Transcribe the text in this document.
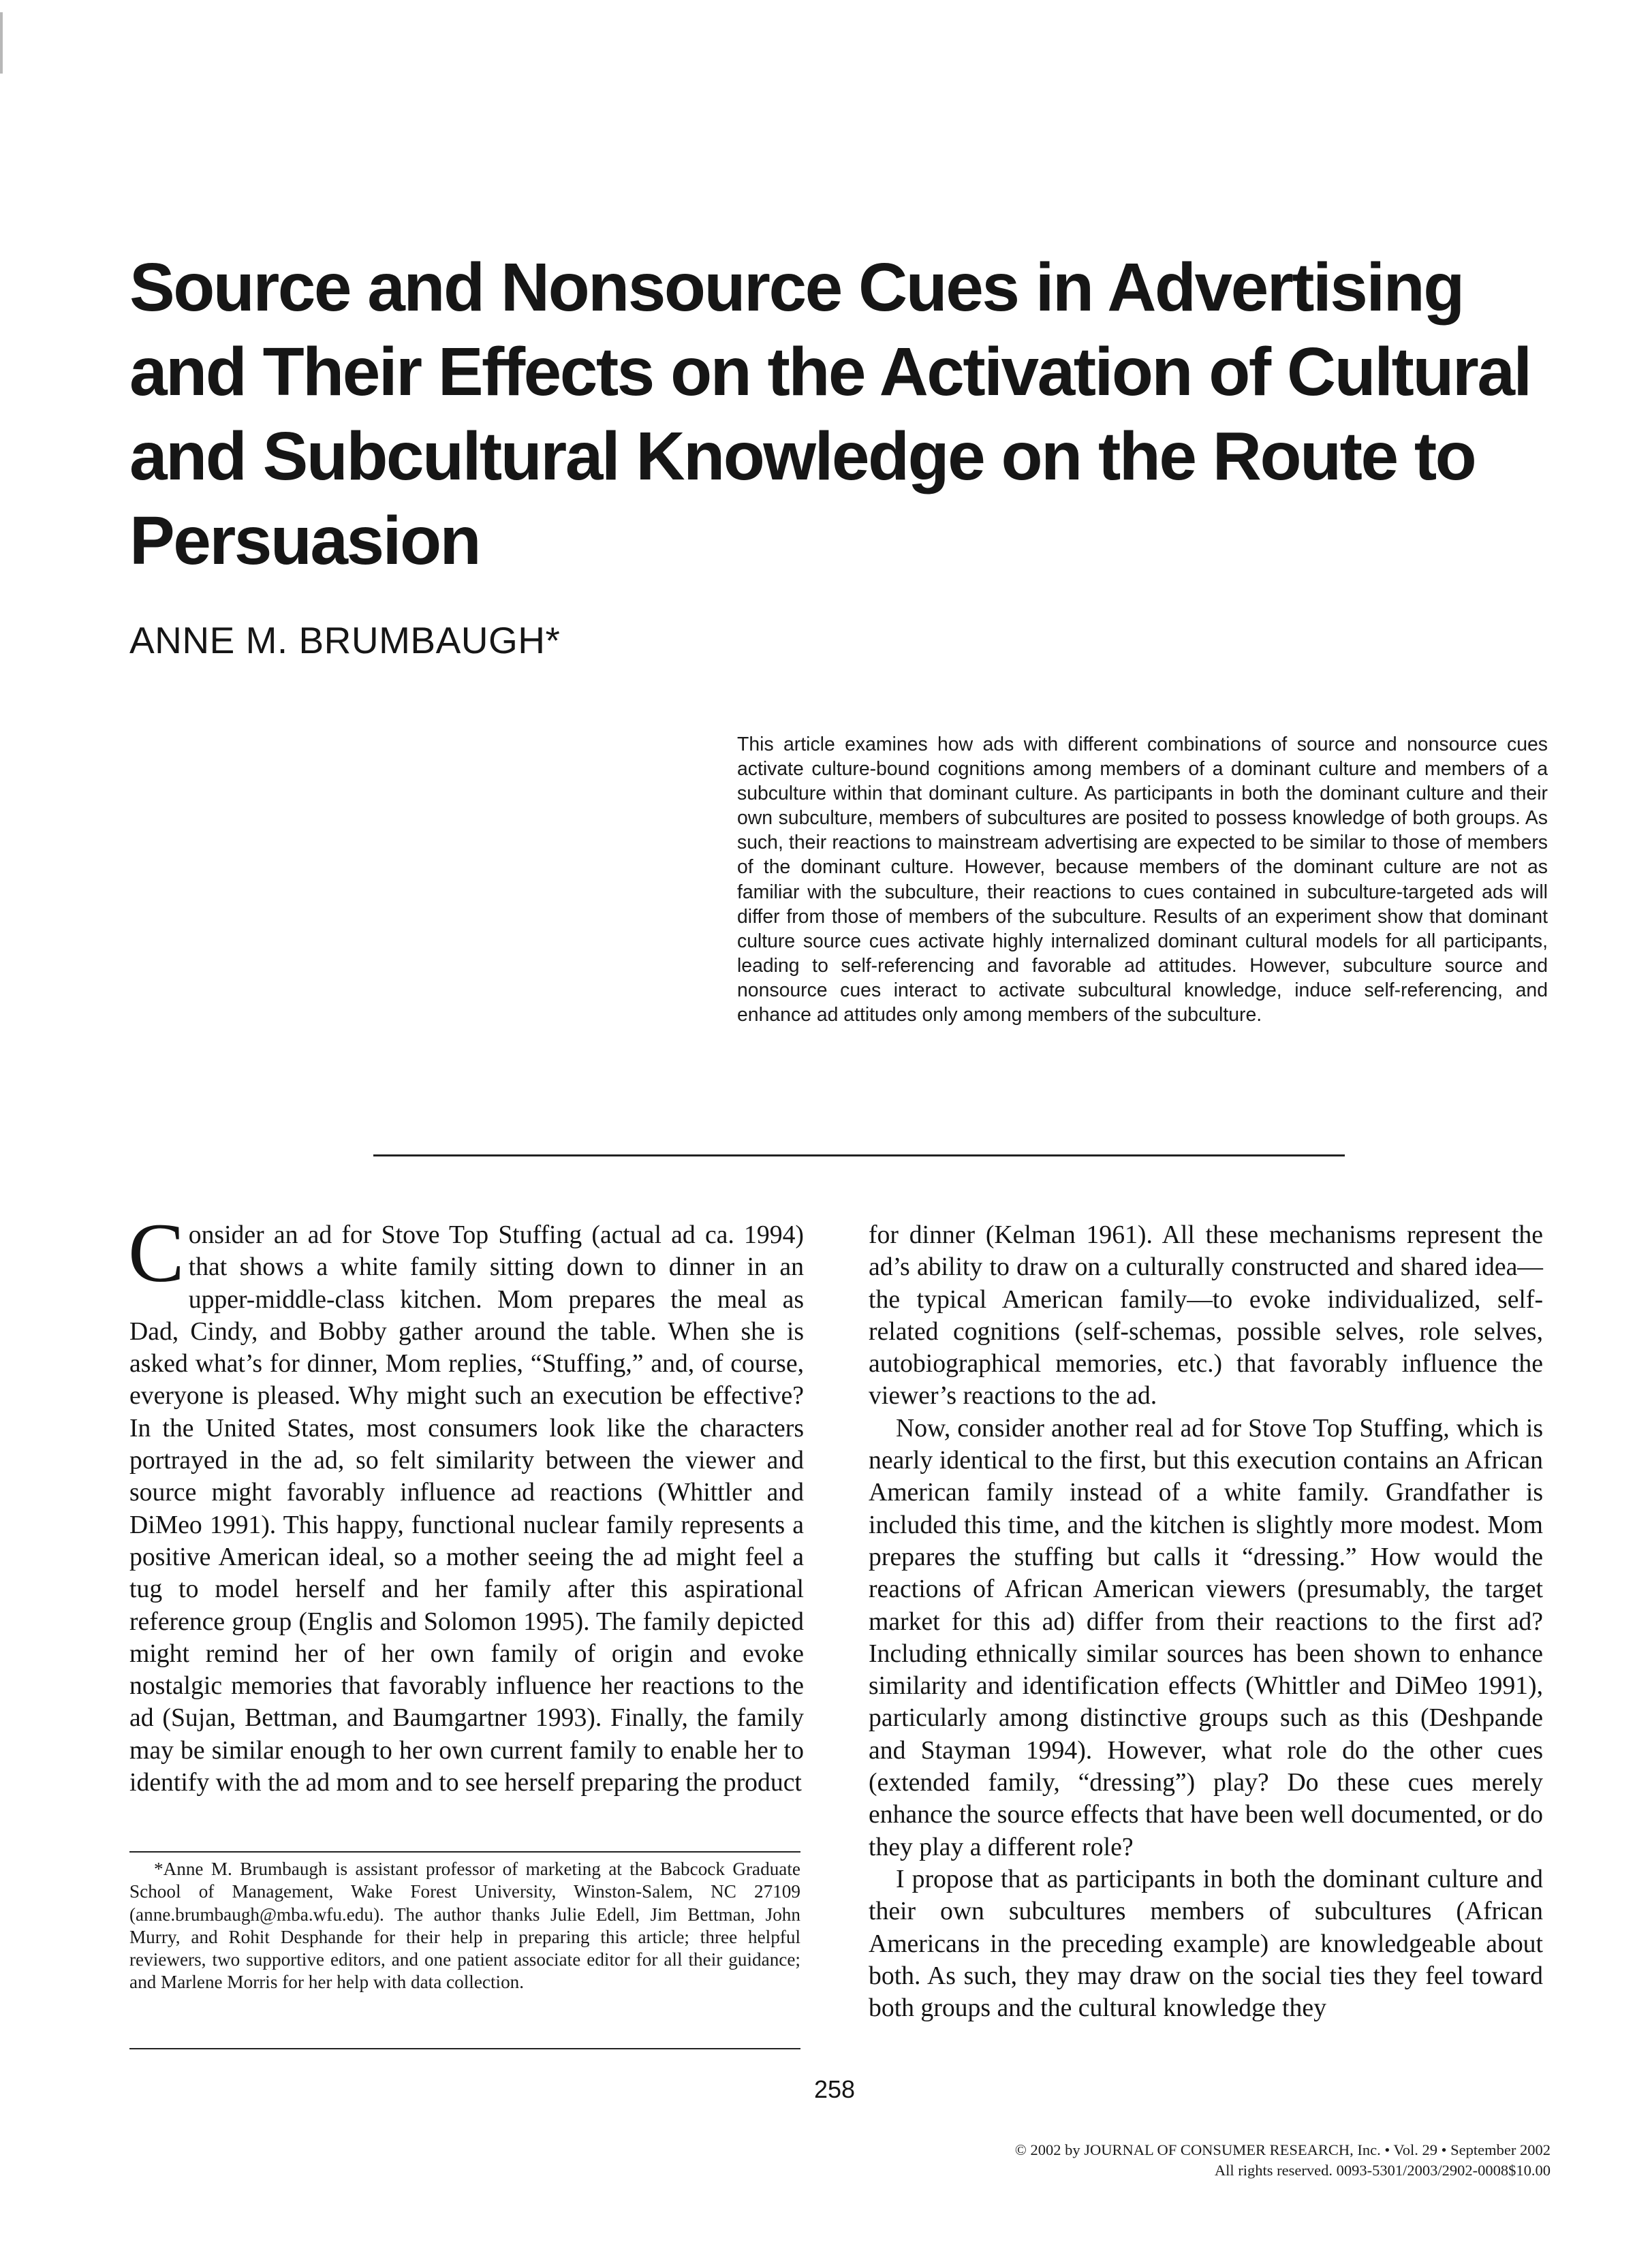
Source and Nonsource Cues in Advertising and Their Effects on the Activation of Cultural and Subcultural Knowledge on the Route to Persuasion
ANNE M. BRUMBAUGH*

This article examines how ads with different combinations of source and nonsource cues activate culture-bound cognitions among members of a dominant culture and members of a subculture within that dominant culture. As participants in both the dominant culture and their own subculture, members of subcultures are posited to possess knowledge of both groups. As such, their reactions to mainstream advertising are expected to be similar to those of members of the dominant culture. However, because members of the dominant culture are not as familiar with the subculture, their reactions to cues contained in subculture-targeted ads will differ from those of members of the subculture. Results of an experiment show that dominant culture source cues activate highly internalized dominant cultural models for all participants, leading to self-referencing and favorable ad attitudes. However, subculture source and nonsource cues interact to activate subcultural knowledge, induce self-referencing, and enhance ad attitudes only among members of the subculture.

Consider an ad for Stove Top Stuffing (actual ad ca. 1994) that shows a white family sitting down to dinner in an upper-middle-class kitchen. Mom prepares the meal as Dad, Cindy, and Bobby gather around the table. When she is asked what’s for dinner, Mom replies, “Stuffing,” and, of course, everyone is pleased. Why might such an execution be effective? In the United States, most consumers look like the characters portrayed in the ad, so felt similarity between the viewer and source might favorably influence ad reactions (Whittler and DiMeo 1991). This happy, functional nuclear family represents a positive American ideal, so a mother seeing the ad might feel a tug to model herself and her family after this aspirational reference group (Englis and Solomon 1995). The family depicted might remind her of her own family of origin and evoke nostalgic memories that favorably influence her reactions to the ad (Sujan, Bettman, and Baumgartner 1993). Finally, the family may be similar enough to her own current family to enable her to identify with the ad mom and to see herself preparing the product

for dinner (Kelman 1961). All these mechanisms represent the ad’s ability to draw on a culturally constructed and shared idea—the typical American family—to evoke individualized, self-related cognitions (self-schemas, possible selves, role selves, autobiographical memories, etc.) that favorably influence the viewer’s reactions to the ad.

Now, consider another real ad for Stove Top Stuffing, which is nearly identical to the first, but this execution contains an African American family instead of a white family. Grandfather is included this time, and the kitchen is slightly more modest. Mom prepares the stuffing but calls it “dressing.” How would the reactions of African American viewers (presumably, the target market for this ad) differ from their reactions to the first ad? Including ethnically similar sources has been shown to enhance similarity and identification effects (Whittler and DiMeo 1991), particularly among distinctive groups such as this (Deshpande and Stayman 1994). However, what role do the other cues (extended family, “dressing”) play? Do these cues merely enhance the source effects that have been well documented, or do they play a different role?

I propose that as participants in both the dominant culture and their own subcultures members of subcultures (African Americans in the preceding example) are knowledgeable about both. As such, they may draw on the social ties they feel toward both groups and the cultural knowledge they

*Anne M. Brumbaugh is assistant professor of marketing at the Babcock Graduate School of Management, Wake Forest University, Winston-Salem, NC 27109 (anne.brumbaugh@mba.wfu.edu). The author thanks Julie Edell, Jim Bettman, John Murry, and Rohit Desphande for their help in preparing this article; three helpful reviewers, two supportive editors, and one patient associate editor for all their guidance; and Marlene Morris for her help with data collection.

258

© 2002 by JOURNAL OF CONSUMER RESEARCH, Inc. • Vol. 29 • September 2002
All rights reserved. 0093-5301/2003/2902-0008$10.00
